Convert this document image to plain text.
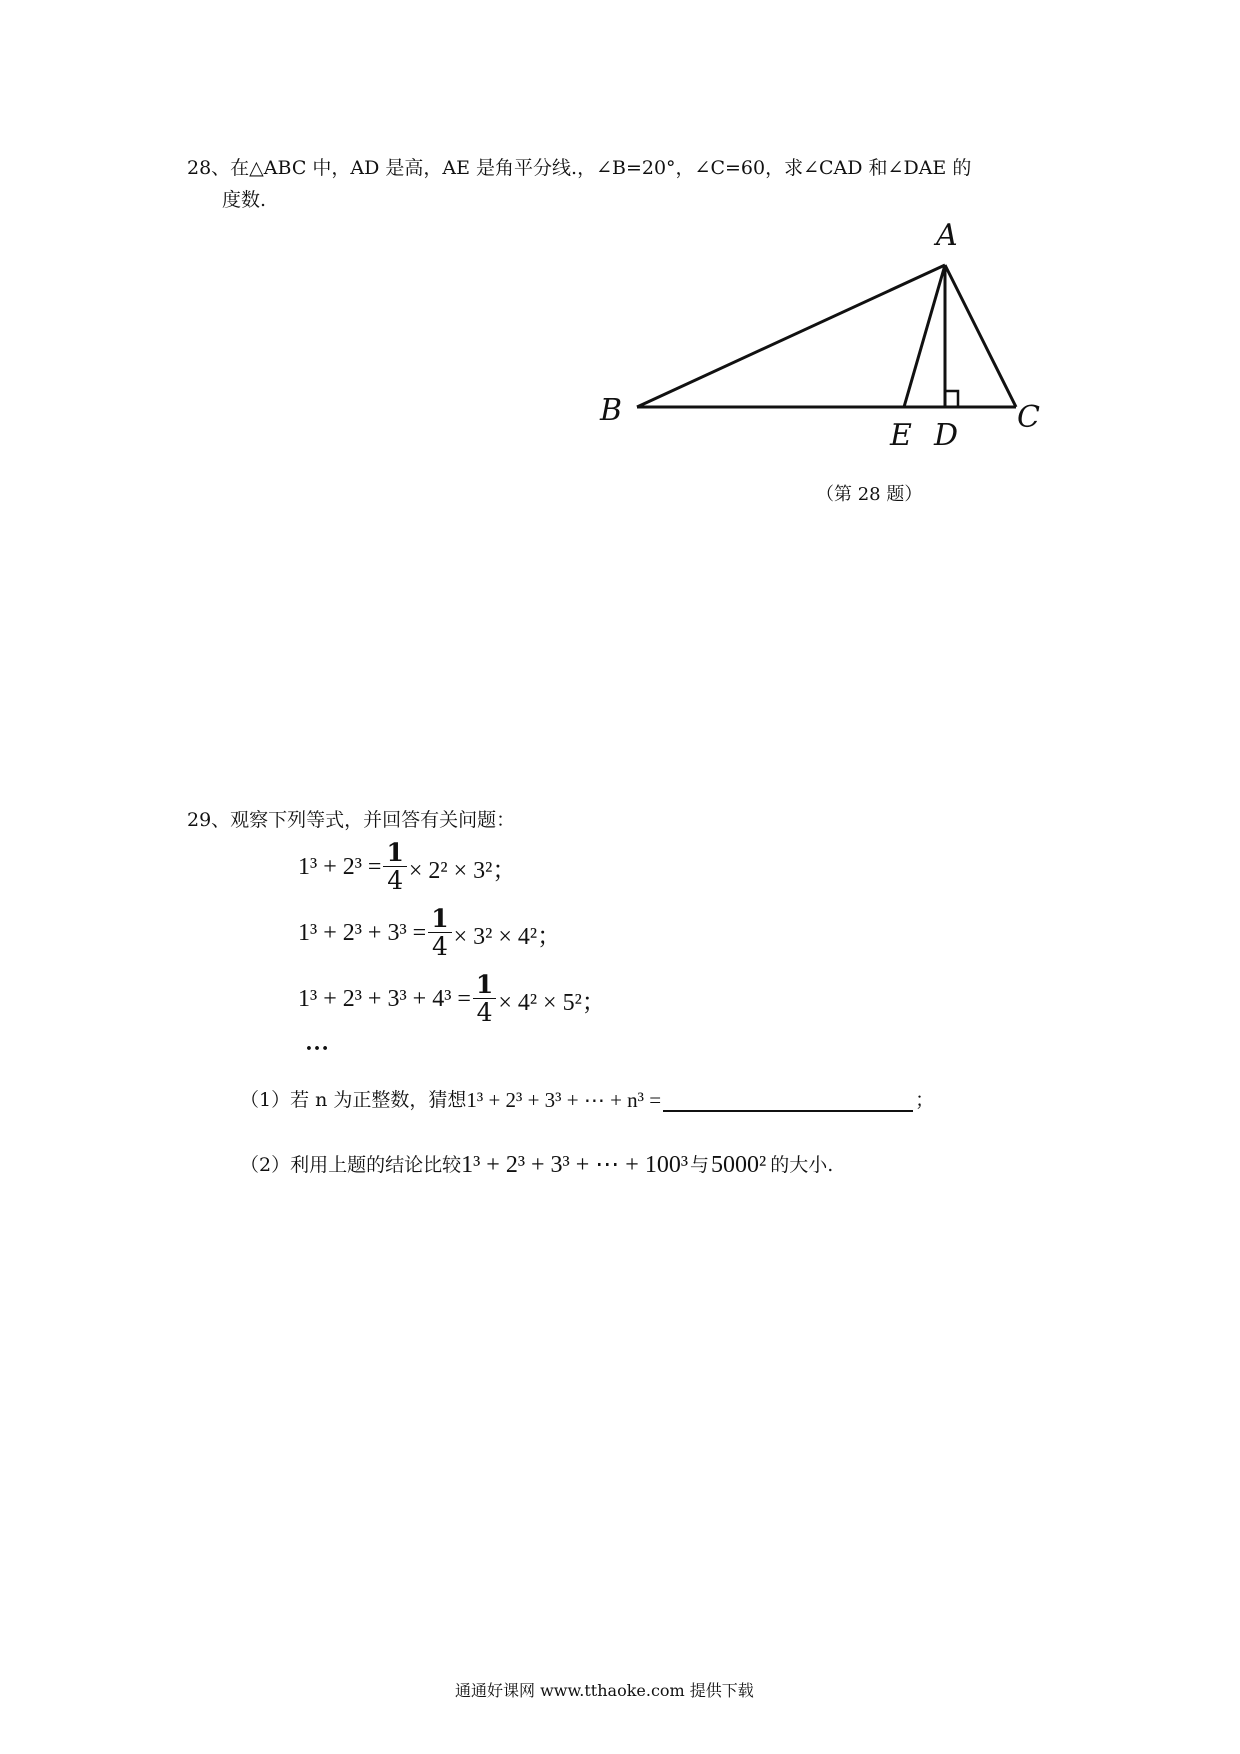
28、在△ABC 中，AD 是高，AE 是角平分线.，∠B=20°，∠C=60，求∠CAD 和∠DAE 的
度数.
A
B
E D
C
（第 28 题）
29、观察下列等式，并回答有关问题：
$1^3 + 2^3 = \frac{1}{4} \times 2^2 \times 3^2$；
$1^3 + 2^3 + 3^3 = \frac{1}{4} \times 3^2 \times 4^2$；
$1^3 + 2^3 + 3^3 + 4^3 = \frac{1}{4} \times 4^2 \times 5^2$；
…
（1）若 n 为正整数，猜想 1³ + 2³ + 3³ + ⋯ + n³ =	；
（2）利用上题的结论比较 1³ + 2³ + 3³ + ⋯ + 100³ 与 5000² 的大小.
通通好课网 www.tthaoke.com 提供下载
